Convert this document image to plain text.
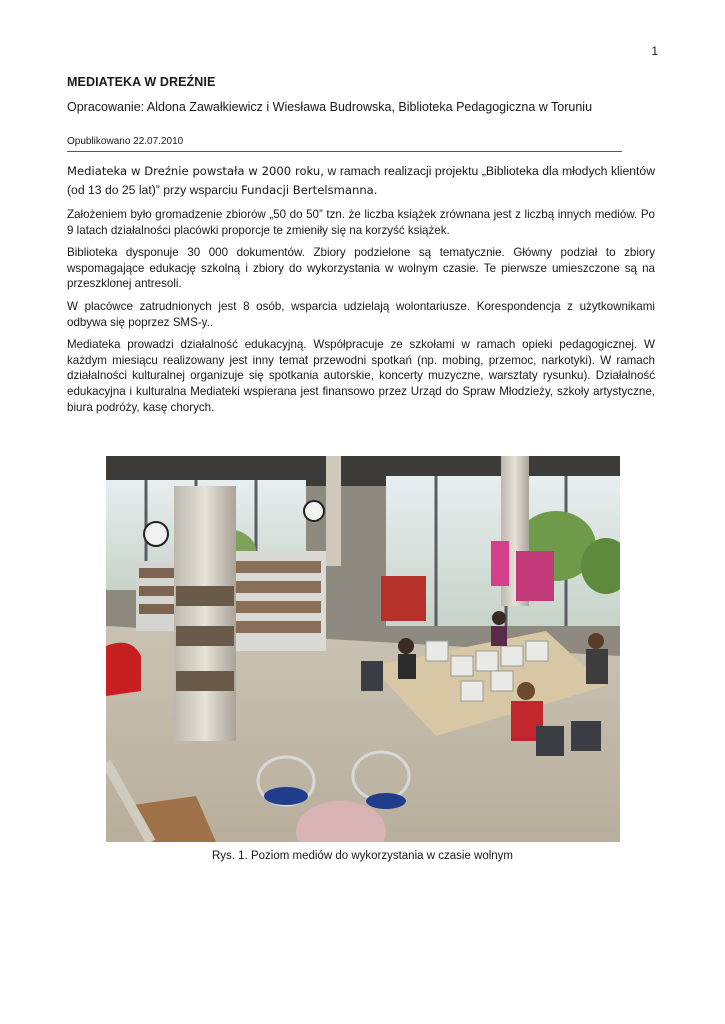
1
MEDIATEKA W DREŹNIE
Opracowanie: Aldona Zawałkiewicz i Wiesława Budrowska, Biblioteka Pedagogiczna w Toruniu
Opublikowano 22.07.2010

Mediateka w Dreźnie powstała w 2000 roku, w ramach realizacji projektu „Biblioteka dla młodych klientów (od 13 do 25 lat)” przy wsparciu Fundacji Bertelsmanna.

Założeniem było gromadzenie zbiorów „50 do 50” tzn. że liczba książek zrównana jest z liczbą innych mediów. Po 9 latach działalności placówki proporcje te zmieniły się na korzyść książek.

Biblioteka dysponuje 30 000 dokumentów. Zbiory podzielone są tematycznie. Główny podział to zbiory wspomagające edukację szkolną i zbiory do wykorzystania w wolnym czasie. Te pierwsze umieszczone są na przeszklonej antresoli.

W placówce zatrudnionych jest 8 osób, wsparcia udzielają wolontariusze. Korespondencja z użytkownikami odbywa się poprzez SMS-y..

Mediateka prowadzi działalność edukacyjną. Współpracuje ze szkołami w ramach opieki pedagogicznej. W każdym miesiącu realizowany jest inny temat przewodni spotkań (np. mobing, przemoc, narkotyki). W ramach działalności kulturalnej organizuje się spotkania autorskie, koncerty muzyczne, warsztaty rysunku). Działalność edukacyjna i kulturalna Mediateki wspierana jest finansowo przez Urząd do Spraw Młodzieży, szkoły artystyczne, biura podróży, kasę chorych.

Rys. 1. Poziom mediów do wykorzystania w czasie wolnym
